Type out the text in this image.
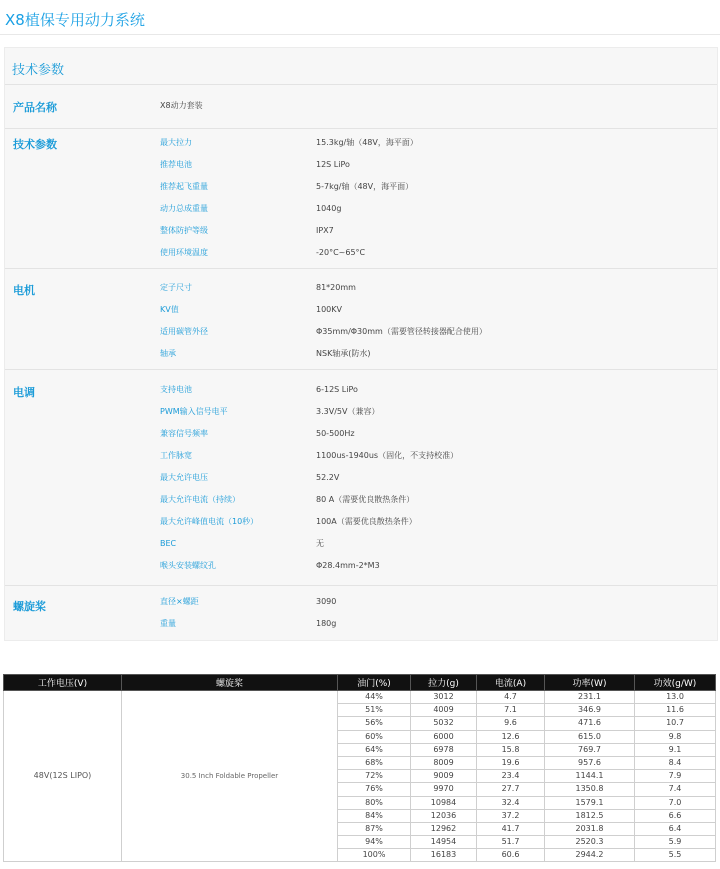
X8植保专用动力系统
技术参数
产品名称	X8动力套装
技术参数	最大拉力	15.3kg/轴（48V，海平面）
推荐电池	12S LiPo
推荐起飞重量	5-7kg/轴（48V，海平面）
动力总成重量	1040g
整体防护等级	IPX7
使用环境温度	-20°C~65°C
电机	定子尺寸	81*20mm
KV值	100KV
适用碳管外径	Φ35mm/Φ30mm（需要管径转接器配合使用）
轴承	NSK轴承(防水)
电调	支持电池	6-12S LiPo
PWM输入信号电平	3.3V/5V（兼容）
兼容信号频率	50-500Hz
工作脉宽	1100us-1940us（固化，不支持校准）
最大允许电压	52.2V
最大允许电流（持续）	80 A（需要优良散热条件）
最大允许峰值电流（10秒）	100A（需要优良散热条件）
BEC	无
喉头安装螺纹孔	Φ28.4mm-2*M3
螺旋桨	直径×螺距	3090
重量	180g
工作电压(V)	螺旋桨	油门(%)	拉力(g)	电流(A)	功率(W)	功效(g/W)
48V(12S LIPO)	30.5 Inch Foldable Propeller	44%	3012	4.7	231.1	13.0
		51%	4009	7.1	346.9	11.6
		56%	5032	9.6	471.6	10.7
		60%	6000	12.6	615.0	9.8
		64%	6978	15.8	769.7	9.1
		68%	8009	19.6	957.6	8.4
		72%	9009	23.4	1144.1	7.9
		76%	9970	27.7	1350.8	7.4
		80%	10984	32.4	1579.1	7.0
		84%	12036	37.2	1812.5	6.6
		87%	12962	41.7	2031.8	6.4
		94%	14954	51.7	2520.3	5.9
		100%	16183	60.6	2944.2	5.5
